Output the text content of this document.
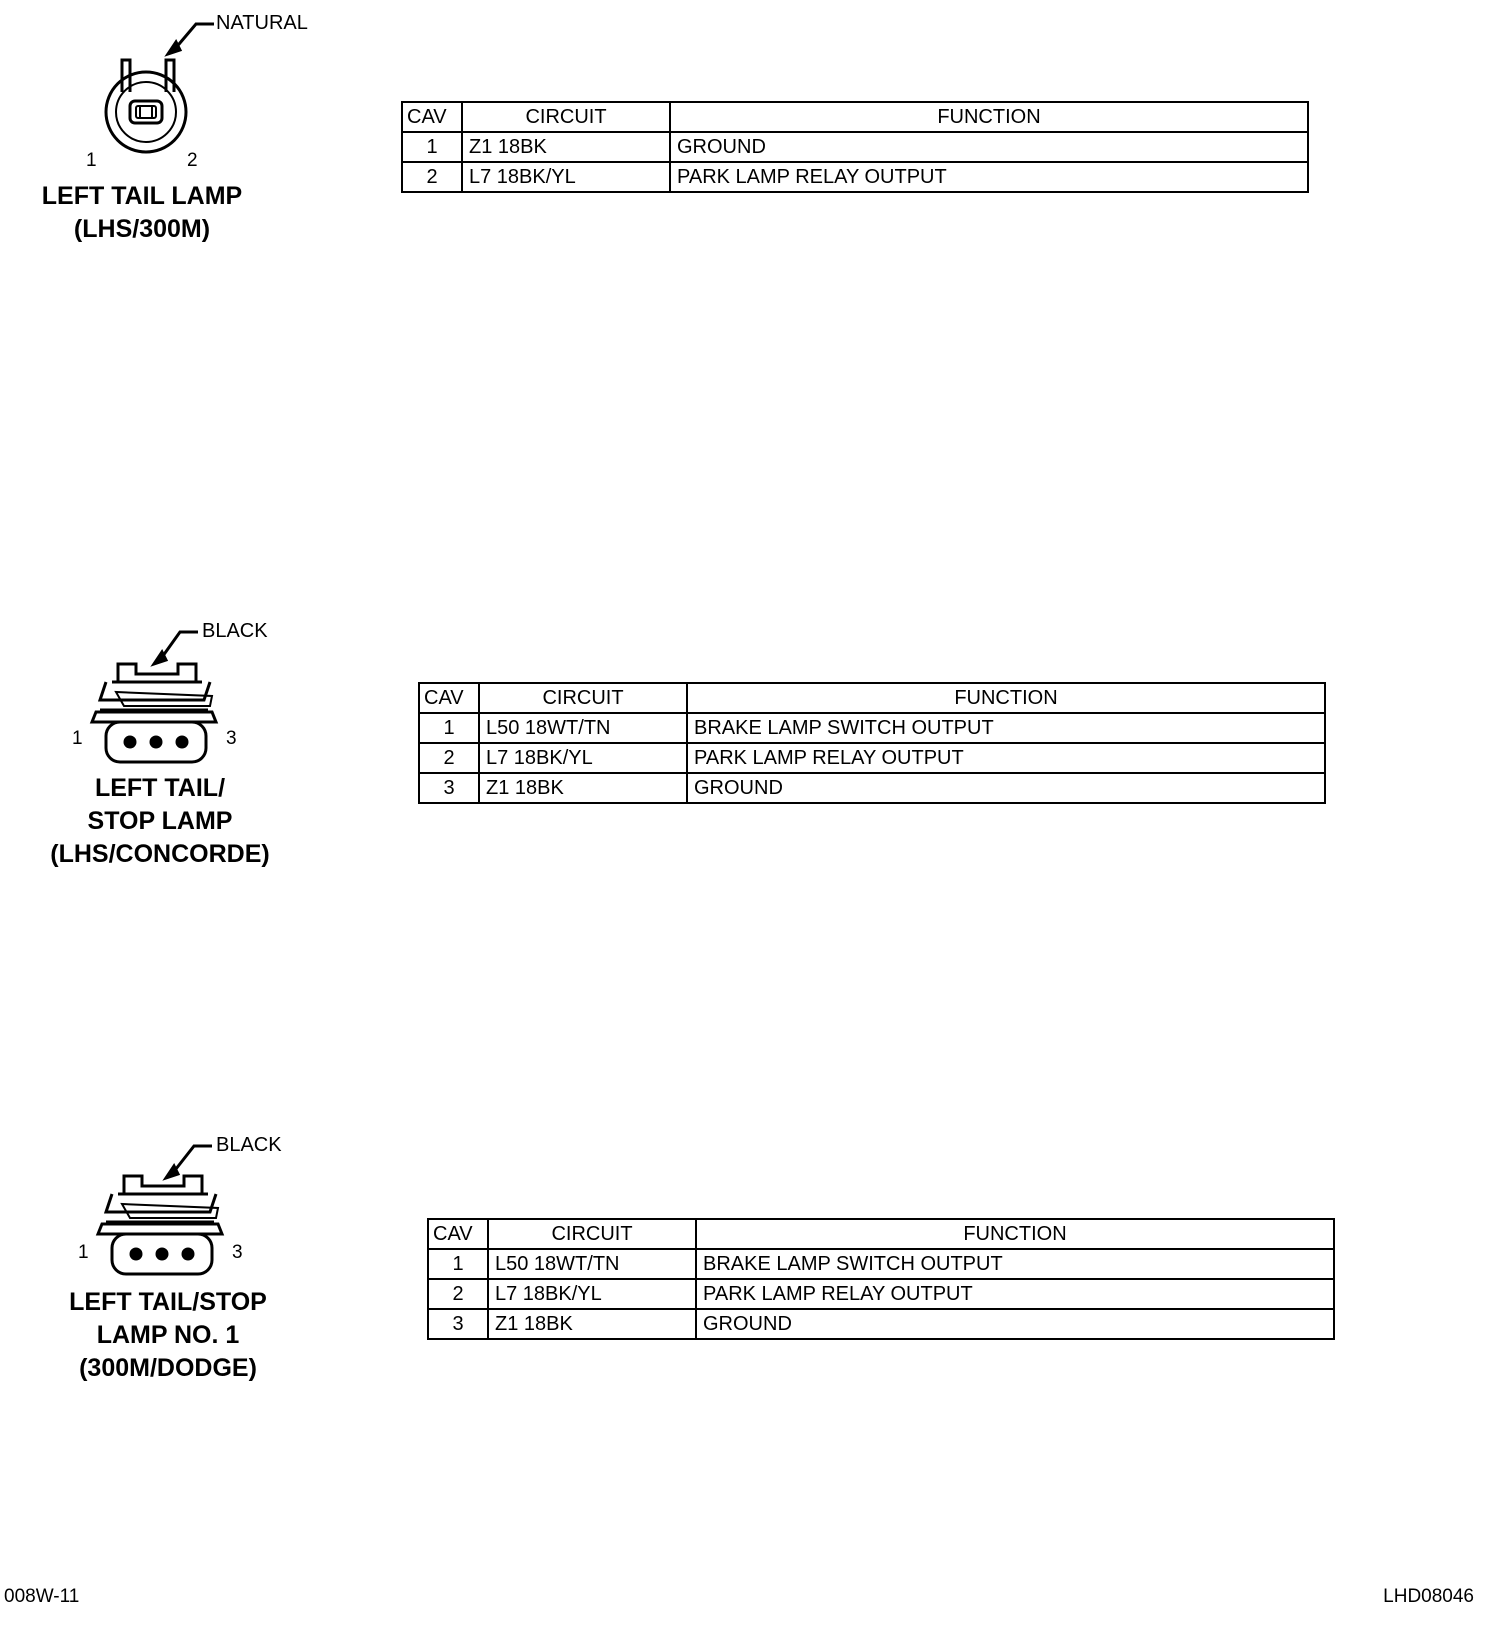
NATURAL
1	2
LEFT TAIL LAMP
(LHS/300M)
CAV	CIRCUIT	FUNCTION
1	Z1 18BK	GROUND
2	L7 18BK/YL	PARK LAMP RELAY OUTPUT
BLACK
1	3
LEFT TAIL/
STOP LAMP
(LHS/CONCORDE)
CAV	CIRCUIT	FUNCTION
1	L50 18WT/TN	BRAKE LAMP SWITCH OUTPUT
2	L7 18BK/YL	PARK LAMP RELAY OUTPUT
3	Z1 18BK	GROUND
BLACK
1	3
LEFT TAIL/STOP
LAMP NO. 1
(300M/DODGE)
CAV	CIRCUIT	FUNCTION
1	L50 18WT/TN	BRAKE LAMP SWITCH OUTPUT
2	L7 18BK/YL	PARK LAMP RELAY OUTPUT
3	Z1 18BK	GROUND
008W-11	LHD08046
